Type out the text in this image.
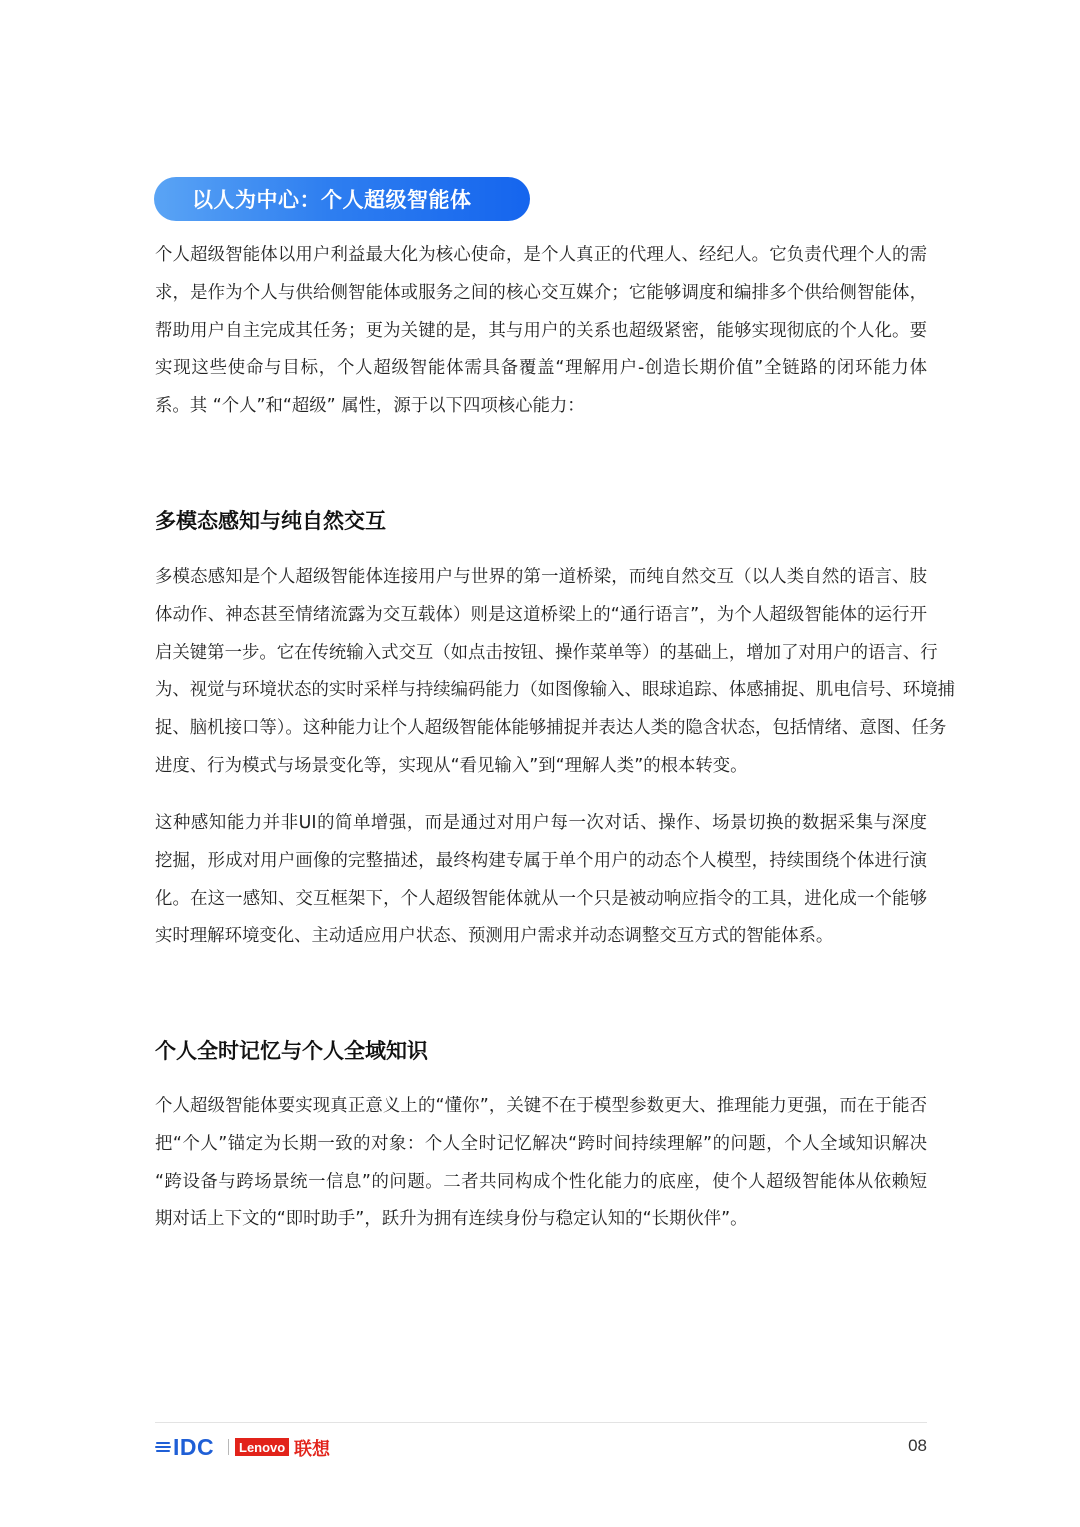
以人为中心：个人超级智能体
个人超级智能体以用户利益最大化为核心使命，是个人真正的代理人、经纪人。它负责代理个人的需
求，是作为个人与供给侧智能体或服务之间的核心交互媒介；它能够调度和编排多个供给侧智能体，
帮助用户自主完成其任务；更为关键的是，其与用户的关系也超级紧密，能够实现彻底的个人化。要
实现这些使命与目标，个人超级智能体需具备覆盖“理解用户-创造长期价值”全链路的闭环能力体
系。其 “个人”和“超级” 属性，源于以下四项核心能力：
多模态感知与纯自然交互
多模态感知是个人超级智能体连接用户与世界的第一道桥梁，而纯自然交互（以人类自然的语言、肢
体动作、神态甚至情绪流露为交互载体）则是这道桥梁上的“通行语言”，为个人超级智能体的运行开
启关键第一步。它在传统输入式交互（如点击按钮、操作菜单等）的基础上，增加了对用户的语言、行
为、视觉与环境状态的实时采样与持续编码能力（如图像输入、眼球追踪、体感捕捉、肌电信号、环境捕
捉、脑机接口等）。这种能力让个人超级智能体能够捕捉并表达人类的隐含状态，包括情绪、意图、任务
进度、行为模式与场景变化等，实现从“看见输入”到“理解人类”的根本转变。
这种感知能力并非UI的简单增强，而是通过对用户每一次对话、操作、场景切换的数据采集与深度
挖掘，形成对用户画像的完整描述，最终构建专属于单个用户的动态个人模型，持续围绕个体进行演
化。在这一感知、交互框架下，个人超级智能体就从一个只是被动响应指令的工具，进化成一个能够
实时理解环境变化、主动适应用户状态、预测用户需求并动态调整交互方式的智能体系。
个人全时记忆与个人全域知识
个人超级智能体要实现真正意义上的“懂你”，关键不在于模型参数更大、推理能力更强，而在于能否
把“个人”锚定为长期一致的对象：个人全时记忆解决“跨时间持续理解”的问题，个人全域知识解决
“跨设备与跨场景统一信息”的问题。二者共同构成个性化能力的底座，使个人超级智能体从依赖短
期对话上下文的“即时助手”，跃升为拥有连续身份与稳定认知的“长期伙伴”。
IDC Lenovo 联想	08
